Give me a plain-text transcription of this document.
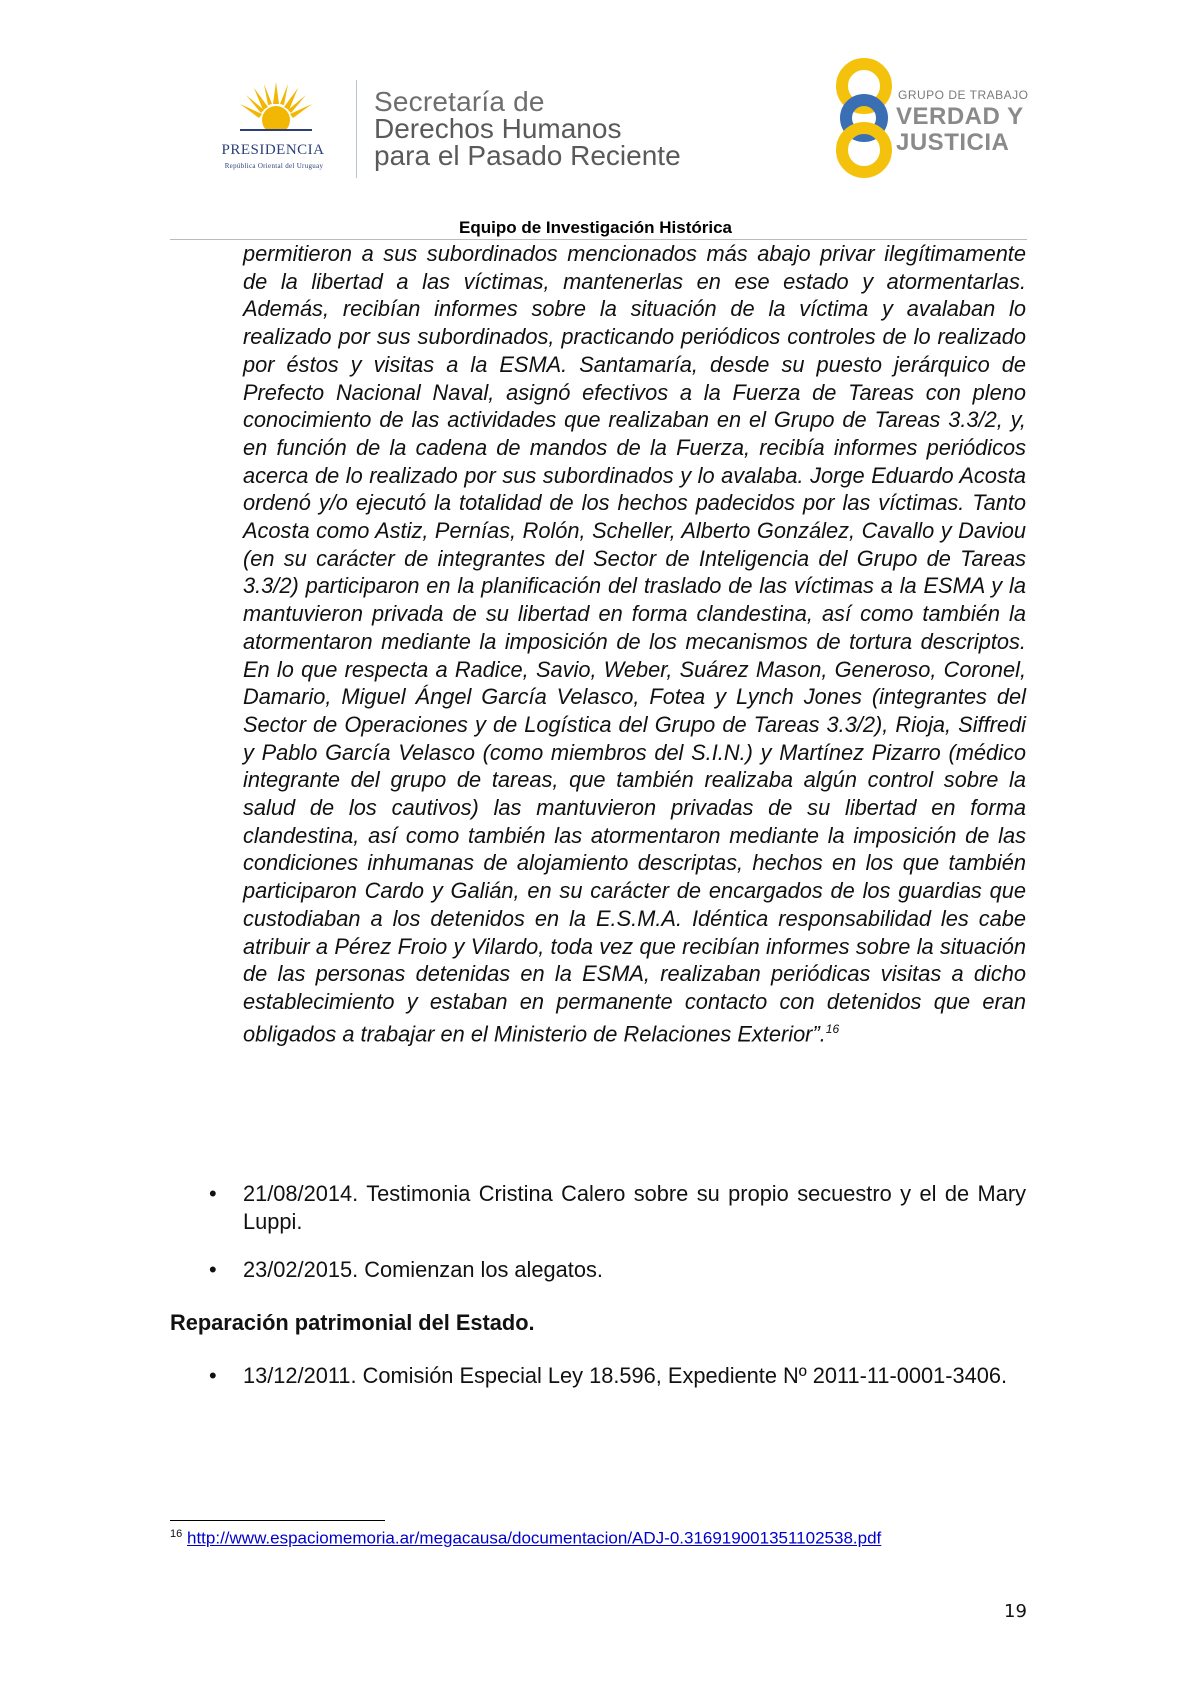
PRESIDENCIA
República Oriental del Uruguay
Secretaría de
Derechos Humanos
para el Pasado Reciente
GRUPO DE TRABAJO
VERDAD Y
JUSTICIA
Equipo de Investigación Histórica

permitieron a sus subordinados mencionados más abajo privar ilegítimamente de la libertad a las víctimas, mantenerlas en ese estado y atormentarlas. Además, recibían informes sobre la situación de la víctima y avalaban lo realizado por sus subordinados, practicando periódicos controles de lo realizado por éstos y visitas a la ESMA. Santamaría, desde su puesto jerárquico de Prefecto Nacional Naval, asignó efectivos a la Fuerza de Tareas con pleno conocimiento de las actividades que realizaban en el Grupo de Tareas 3.3/2, y, en función de la cadena de mandos de la Fuerza, recibía informes periódicos acerca de lo realizado por sus subordinados y lo avalaba. Jorge Eduardo Acosta ordenó y/o ejecutó la totalidad de los hechos padecidos por las víctimas. Tanto Acosta como Astiz, Pernías, Rolón, Scheller, Alberto González, Cavallo y Daviou (en su carácter de integrantes del Sector de Inteligencia del Grupo de Tareas 3.3/2) participaron en la planificación del traslado de las víctimas a la ESMA y la mantuvieron privada de su libertad en forma clandestina, así como también la atormentaron mediante la imposición de los mecanismos de tortura descriptos. En lo que respecta a Radice, Savio, Weber, Suárez Mason, Generoso, Coronel, Damario, Miguel Ángel García Velasco, Fotea y Lynch Jones (integrantes del Sector de Operaciones y de Logística del Grupo de Tareas 3.3/2), Rioja, Siffredi y Pablo García Velasco (como miembros del S.I.N.) y Martínez Pizarro (médico integrante del grupo de tareas, que también realizaba algún control sobre la salud de los cautivos) las mantuvieron privadas de su libertad en forma clandestina, así como también las atormentaron mediante la imposición de las condiciones inhumanas de alojamiento descriptas, hechos en los que también participaron Cardo y Galián, en su carácter de encargados de los guardias que custodiaban a los detenidos en la E.S.M.A. Idéntica responsabilidad les cabe atribuir a Pérez Froio y Vilardo, toda vez que recibían informes sobre la situación de las personas detenidas en la ESMA, realizaban periódicas visitas a dicho establecimiento y estaban en permanente contacto con detenidos que eran obligados a trabajar en el Ministerio de Relaciones Exterior”.$^{16}$

• 21/08/2014. Testimonia Cristina Calero sobre su propio secuestro y el de Mary Luppi.
• 23/02/2015. Comienzan los alegatos.
Reparación patrimonial del Estado.
• 13/12/2011. Comisión Especial Ley 18.596, Expediente Nº 2011-11-0001-3406.
$^{16}$ http://www.espaciomemoria.ar/megacausa/documentacion/ADJ-0.316919001351102538.pdf
19
